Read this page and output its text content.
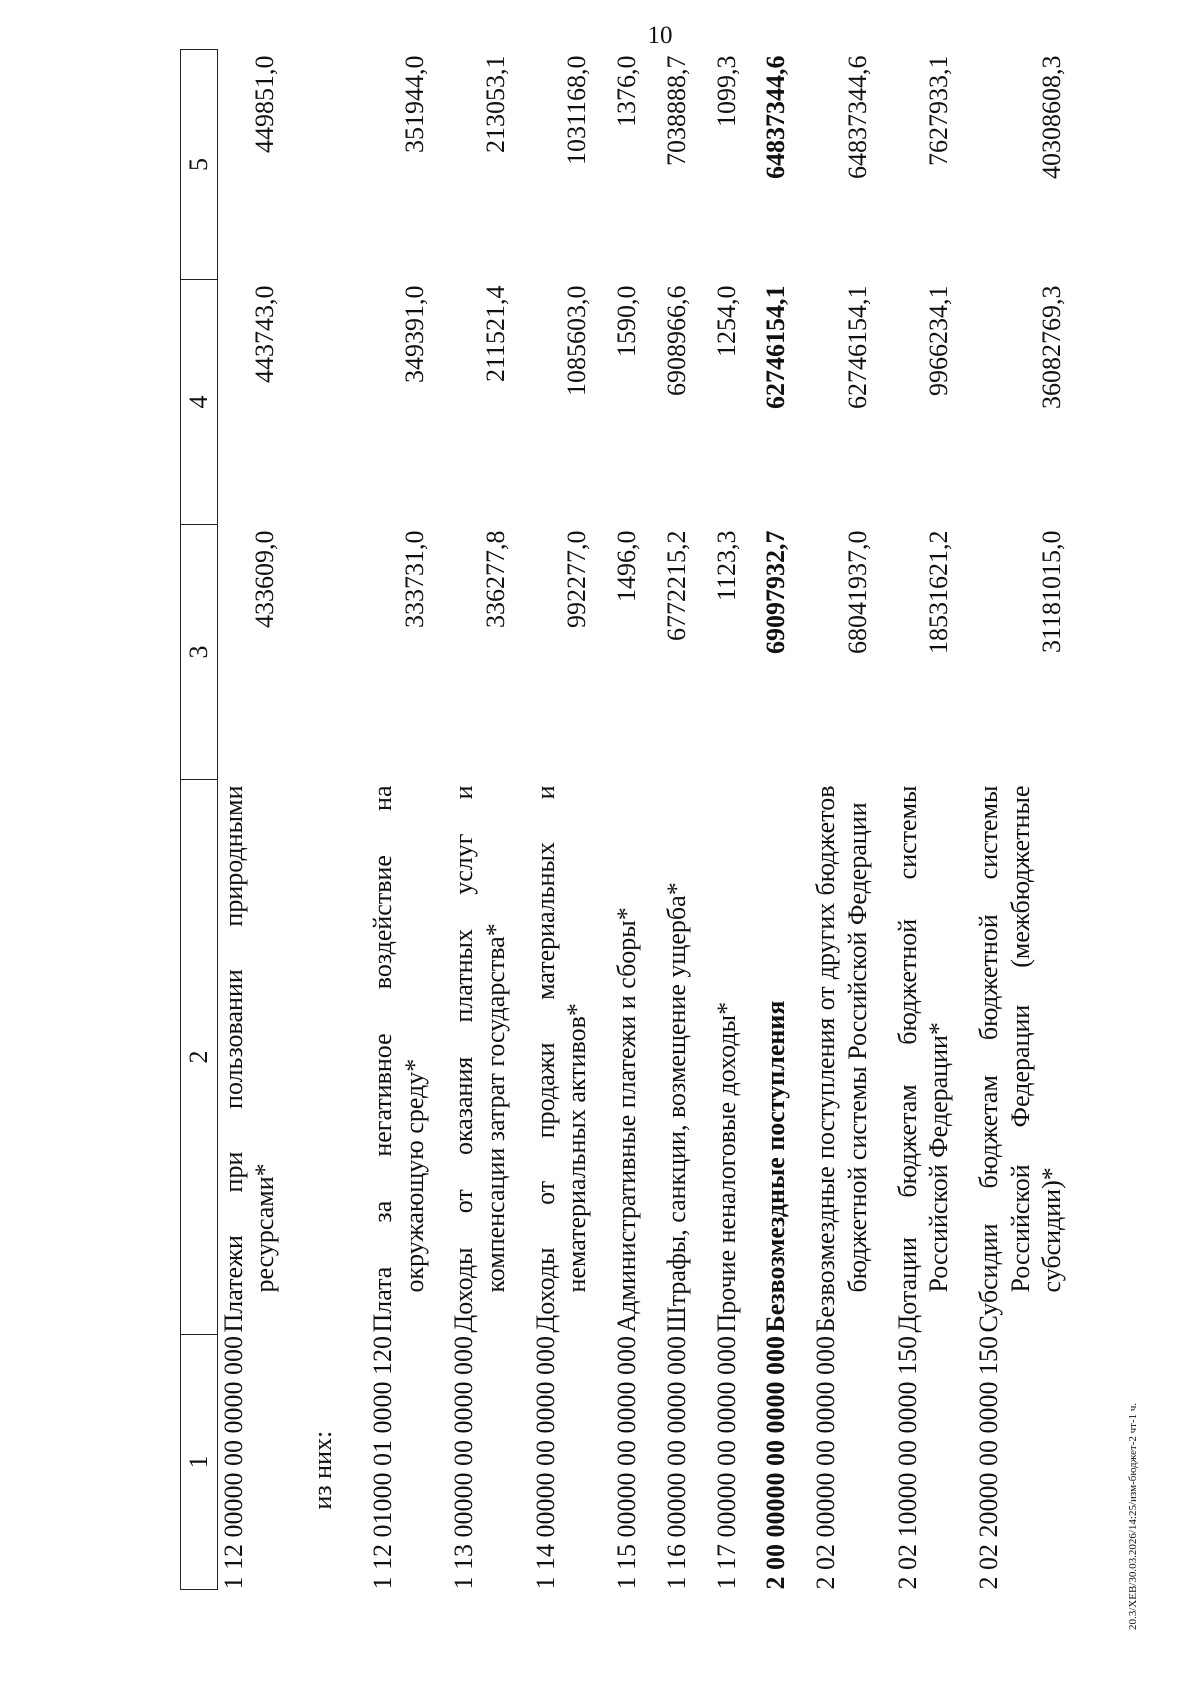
10
1	2	3	4	5
1 12 00000 00 0000 000	Платежи при пользовании природными ресурсами*	433609,0	443743,0	449851,0
из них:				
1 12 01000 01 0000 120	Плата за негативное воздействие на окружающую среду*	333731,0	349391,0	351944,0
1 13 00000 00 0000 000	Доходы от оказания платных услуг и компенсации затрат государства*	336277,8	211521,4	213053,1
1 14 00000 00 0000 000	Доходы от продажи материальных и нематериальных активов*	992277,0	1085603,0	1031168,0
1 15 00000 00 0000 000	Административные платежи и сборы*	1496,0	1590,0	1376,0
1 16 00000 00 0000 000	Штрафы, санкции, возмещение ущерба*	6772215,2	6908966,6	7038888,7
1 17 00000 00 0000 000	Прочие неналоговые доходы*	1123,3	1254,0	1099,3
2 00 00000 00 0000 000	Безвозмездные поступления	69097932,7	62746154,1	64837344,6
2 02 00000 00 0000 000	Безвозмездные поступления от других бюджетов бюджетной системы Российской Федерации	68041937,0	62746154,1	64837344,6
2 02 10000 00 0000 150	Дотации бюджетам бюджетной системы Российской Федерации*	18531621,2	9966234,1	7627933,1
2 02 20000 00 0000 150	Субсидии бюджетам бюджетной системы Российской Федерации (межбюджетные субсидии)*	31181015,0	36082769,3	40308608,3
20.3/ХЕВ/30.03.2026/14:25/изм-бюджет-2 чт-1 ч.
